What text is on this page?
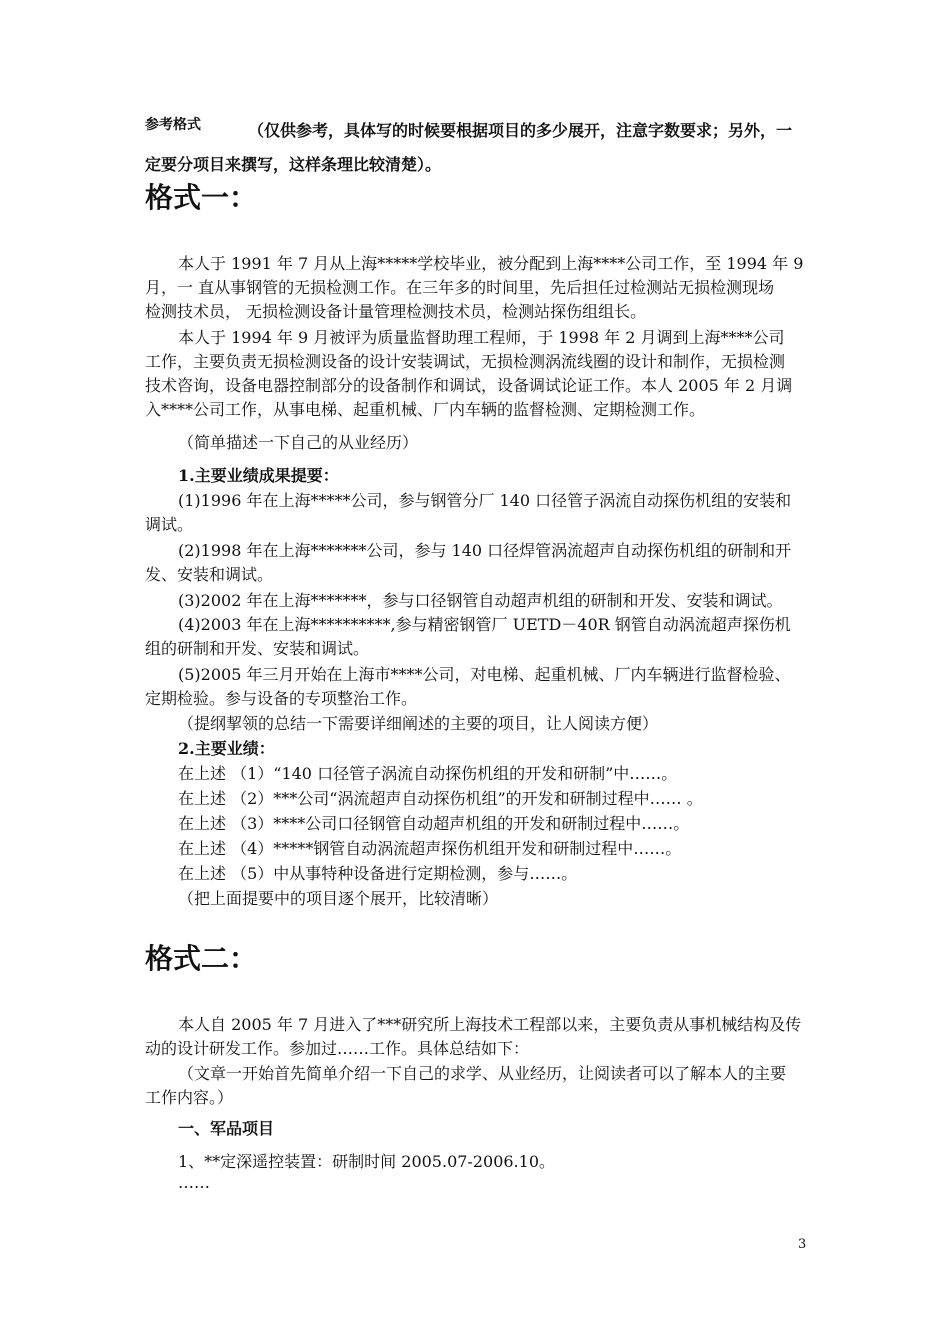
参考格式	（仅供参考，具体写的时候要根据项目的多少展开，注意字数要求；另外，一
定要分项目来撰写，这样条理比较清楚）。
格式一：
本人于 1991 年 7 月从上海*****学校毕业，被分配到上海****公司工作，至 1994 年 9
月，一 直从事钢管的无损检测工作。在三年多的时间里，先后担任过检测站无损检测现场
检测技术员， 无损检测设备计量管理检测技术员，检测站探伤组组长。
本人于 1994 年 9 月被评为质量监督助理工程师，于 1998 年 2 月调到上海****公司
工作，主要负责无损检测设备的设计安装调试，无损检测涡流线圈的设计和制作，无损检测
技术咨询，设备电器控制部分的设备制作和调试，设备调试论证工作。本人 2005 年 2 月调
入****公司工作，从事电梯、起重机械、厂内车辆的监督检测、定期检测工作。
（简单描述一下自己的从业经历）
1.主要业绩成果提要：
(1)1996 年在上海*****公司，参与钢管分厂 140 口径管子涡流自动探伤机组的安装和
调试。
(2)1998 年在上海*******公司，参与 140 口径焊管涡流超声自动探伤机组的研制和开
发、安装和调试。
(3)2002 年在上海*******，参与口径钢管自动超声机组的研制和开发、安装和调试。
(4)2003 年在上海**********,参与精密钢管厂 UETD－40R 钢管自动涡流超声探伤机
组的研制和开发、安装和调试。
(5)2005 年三月开始在上海市****公司，对电梯、起重机械、厂内车辆进行监督检验、
定期检验。参与设备的专项整治工作。
（提纲挈领的总结一下需要详细阐述的主要的项目，让人阅读方便）
2.主要业绩：
在上述 （1）“140 口径管子涡流自动探伤机组的开发和研制”中……。
在上述 （2）***公司“涡流超声自动探伤机组”的开发和研制过程中…… 。
在上述 （3）****公司口径钢管自动超声机组的开发和研制过程中……。
在上述 （4）*****钢管自动涡流超声探伤机组开发和研制过程中……。
在上述 （5）中从事特种设备进行定期检测，参与……。
（把上面提要中的项目逐个展开，比较清晰）
格式二：
本人自 2005 年 7 月进入了***研究所上海技术工程部以来，主要负责从事机械结构及传
动的设计研发工作。参加过……工作。具体总结如下：
（文章一开始首先简单介绍一下自己的求学、从业经历，让阅读者可以了解本人的主要
工作内容。）
一、军品项目
1、**定深遥控装置：研制时间 2005.07-2006.10。
……
3
